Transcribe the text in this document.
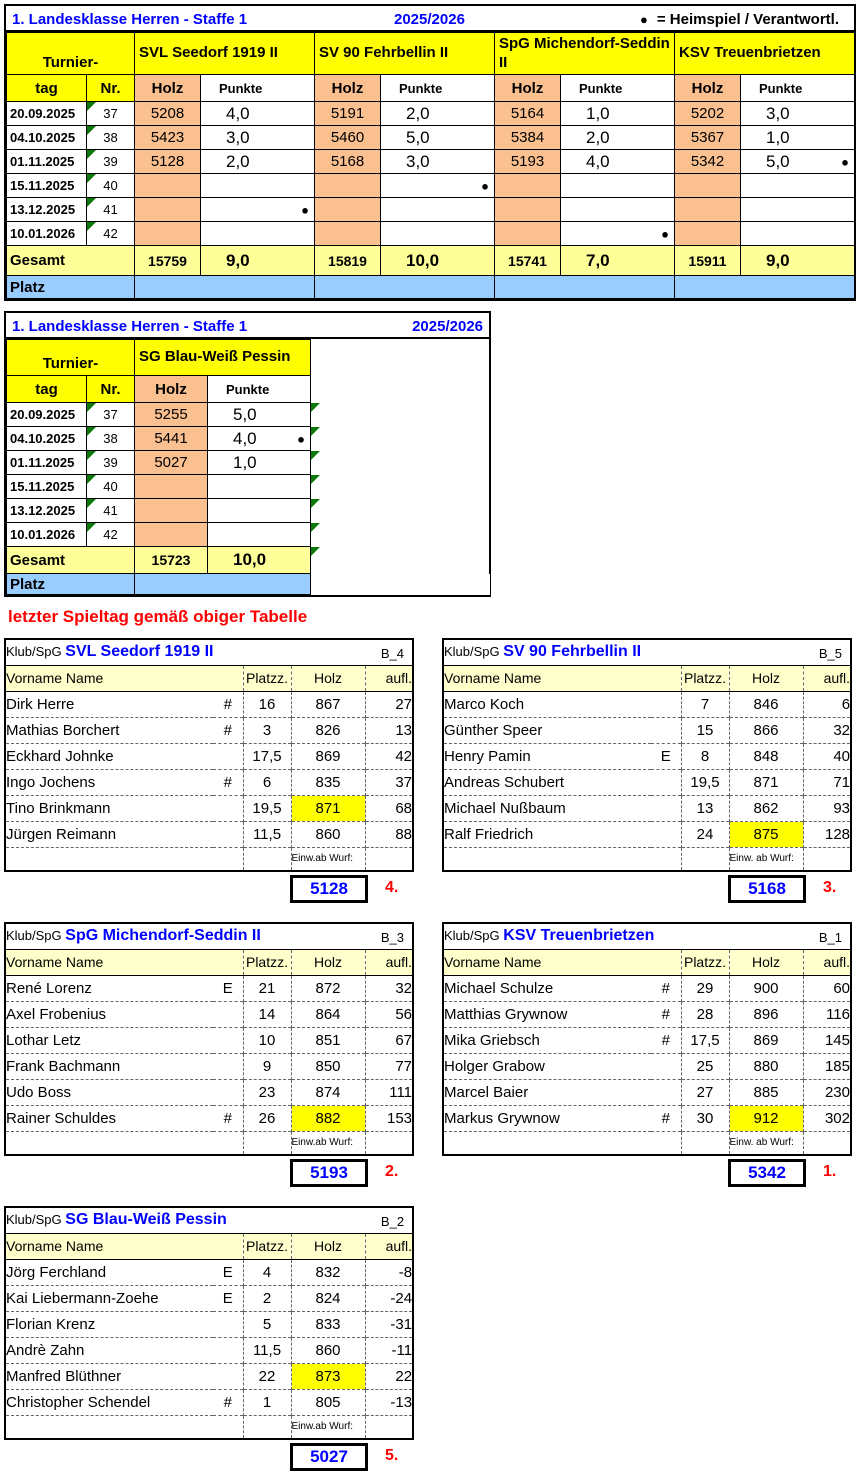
1. Landesklasse Herren - Staffe 1	2025/2026	● = Heimspiel / Verantwortl.
Turnier-		SVL Seedorf 1919 II		SV 90 Fehrbellin II		SpG Michendorf-Seddin II		KSV Treuenbrietzen	
tag	Nr.	Holz	Punkte	Holz	Punkte	Holz	Punkte	Holz	Punkte
20.09.2025	37	5208	4,0	5191	2,0	5164	1,0	5202	3,0
04.10.2025	38	5423	3,0	5460	5,0	5384	2,0	5367	1,0
01.11.2025	39	5128	2,0	5168	3,0	5193	4,0	5342	5,0 ●

15.11.2025	40				●				

13.12.2025	41		●						

10.01.2026	42						●		

Gesamt		15759	9,0	15819	10,0	15741	7,0	15911	9,0
Platz									
1. Landesklasse Herren - Staffe 1	2025/2026
Turnier-		SG Blau-Weiß Pessin		
tag	Nr.	Holz	Punkte	
20.09.2025	37	5255	5,0	

04.10.2025	38	5441	4,0 ●	

01.11.2025	39	5027	1,0	

15.11.2025	40			

13.12.2025	41			

10.01.2026	42			

Gesamt		15723	10,0	

Platz				
letzter Spieltag gemäß obiger Tabelle
Klub/SpG SVL Seedorf 1919 II B_4				

Vorname Name		Platzz.	Holz	aufl.
Dirk Herre	#	16	867	27
Mathias Borchert	#	3	826	13
Eckhard Johnke		17,5	869	42
Ingo Jochens	#	6	835	37
Tino Brinkmann		19,5	871	68
Jürgen Reimann		11,5	860	88
			Einw.ab Wurf:	
5128	4.
Klub/SpG SV 90 Fehrbellin II B_5				

Vorname Name		Platzz.	Holz	aufl.
Marco Koch		7	846	6
Günther Speer		15	866	32
Henry Pamin	E	8	848	40
Andreas Schubert		19,5	871	71
Michael Nußbaum		13	862	93
Ralf Friedrich		24	875	128
			Einw. ab Wurf:	
5168	3.
Klub/SpG SpG Michendorf-Seddin II B_3				

Vorname Name		Platzz.	Holz	aufl.
René Lorenz	E	21	872	32
Axel Frobenius		14	864	56
Lothar Letz		10	851	67
Frank Bachmann		9	850	77
Udo Boss		23	874	111
Rainer Schuldes	#	26	882	153
			Einw.ab Wurf:	
5193	2.
Klub/SpG KSV Treuenbrietzen B_1				

Vorname Name		Platzz.	Holz	aufl.
Michael Schulze	#	29	900	60
Matthias Grywnow	#	28	896	116
Mika Griebsch	#	17,5	869	145
Holger Grabow		25	880	185
Marcel Baier		27	885	230
Markus Grywnow	#	30	912	302
			Einw. ab Wurf:	
5342	1.
Klub/SpG SG Blau-Weiß Pessin B_2				

Vorname Name		Platzz.	Holz	aufl.
Jörg Ferchland	E	4	832	-8
Kai Liebermann-Zoehe	E	2	824	-24
Florian Krenz		5	833	-31
Andrè Zahn		11,5	860	-11
Manfred Blüthner		22	873	22
Christopher Schendel	#	1	805	-13
			Einw.ab Wurf:	
5027	5.
